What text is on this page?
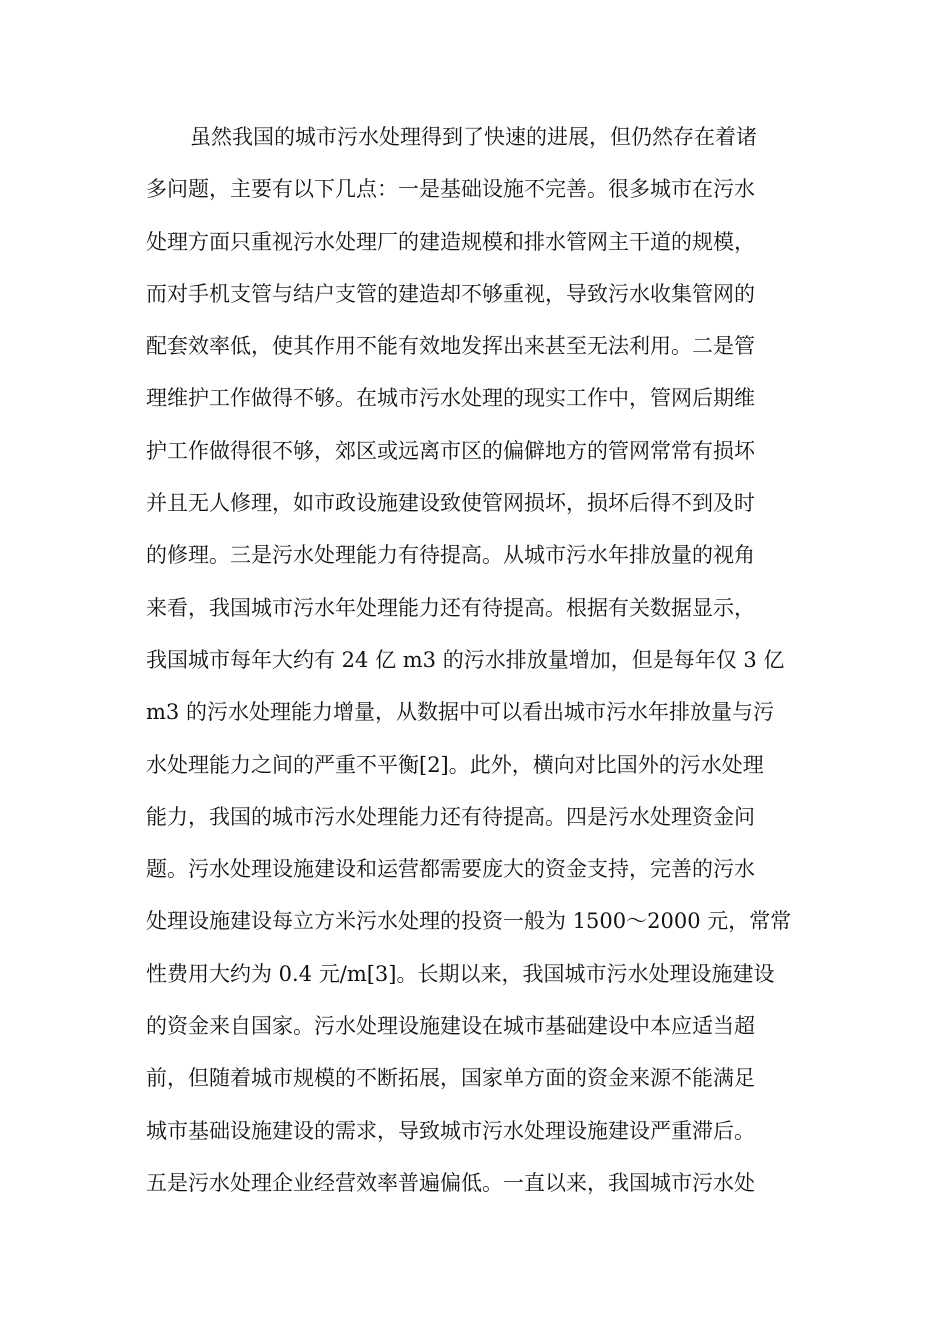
虽然我国的城市污水处理得到了快速的进展，但仍然存在着诸
多问题，主要有以下几点：一是基础设施不完善。很多城市在污水
处理方面只重视污水处理厂的建造规模和排水管网主干道的规模，
而对手机支管与结户支管的建造却不够重视，导致污水收集管网的
配套效率低，使其作用不能有效地发挥出来甚至无法利用。二是管
理维护工作做得不够。在城市污水处理的现实工作中，管网后期维
护工作做得很不够，郊区或远离市区的偏僻地方的管网常常有损坏
并且无人修理，如市政设施建设致使管网损坏，损坏后得不到及时
的修理。三是污水处理能力有待提高。从城市污水年排放量的视角
来看，我国城市污水年处理能力还有待提高。根据有关数据显示，
我国城市每年大约有 24 亿 m3 的污水排放量增加，但是每年仅 3 亿
m3 的污水处理能力增量，从数据中可以看出城市污水年排放量与污
水处理能力之间的严重不平衡[2]。此外，横向对比国外的污水处理
能力，我国的城市污水处理能力还有待提高。四是污水处理资金问
题。污水处理设施建设和运营都需要庞大的资金支持，完善的污水
处理设施建设每立方米污水处理的投资一般为 1500～2000 元，常常
性费用大约为 0.4 元/m[3]。长期以来，我国城市污水处理设施建设
的资金来自国家。污水处理设施建设在城市基础建设中本应适当超
前，但随着城市规模的不断拓展，国家单方面的资金来源不能满足
城市基础设施建设的需求，导致城市污水处理设施建设严重滞后。
五是污水处理企业经营效率普遍偏低。一直以来，我国城市污水处
